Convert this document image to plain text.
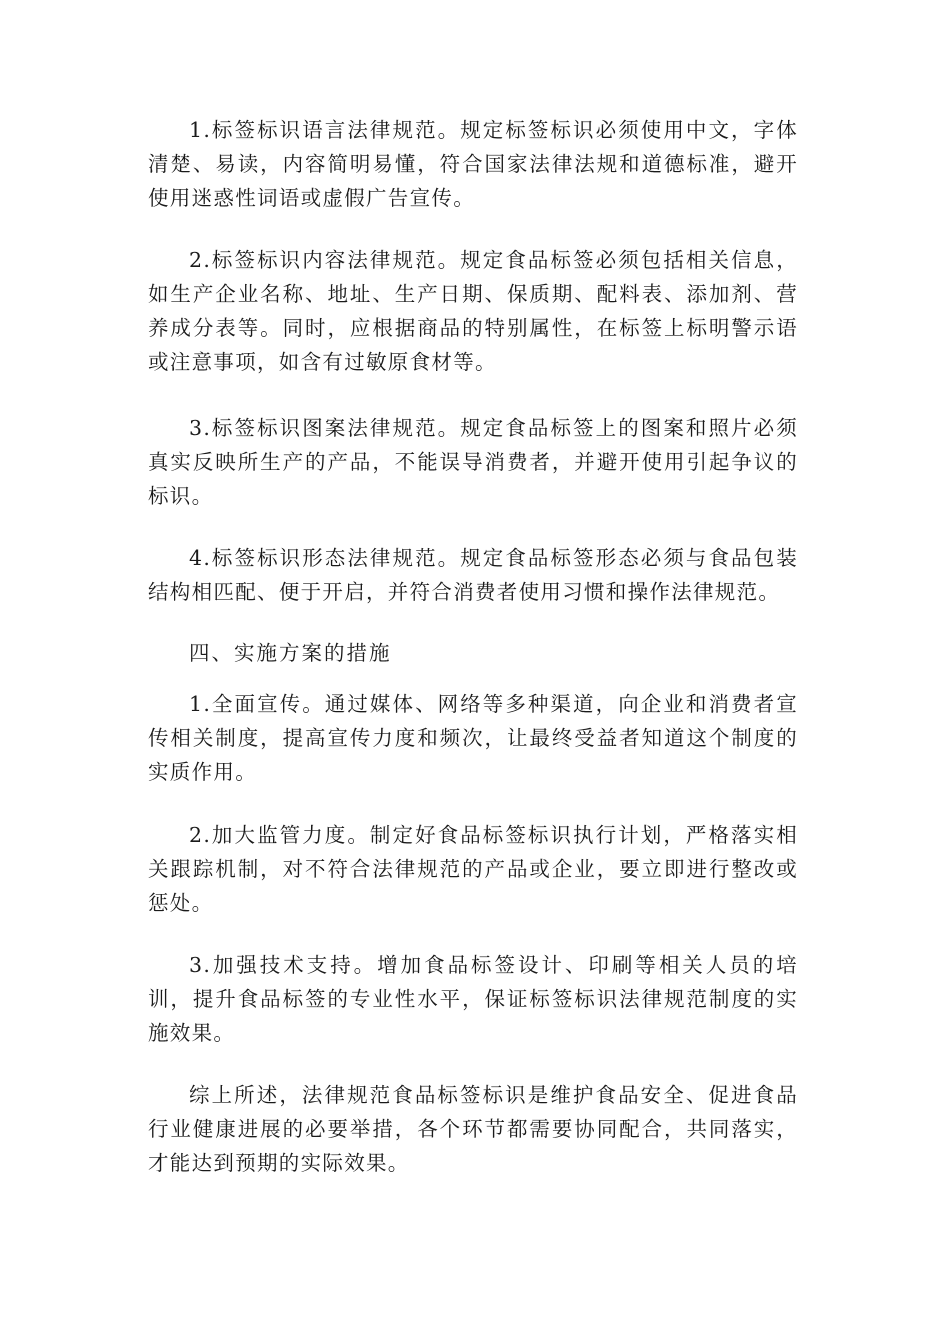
1.标签标识语言法律规范。规定标签标识必须使用中文，字体清楚、易读，内容简明易懂，符合国家法律法规和道德标准，避开使用迷惑性词语或虚假广告宣传。

2.标签标识内容法律规范。规定食品标签必须包括相关信息，如生产企业名称、地址、生产日期、保质期、配料表、添加剂、营养成分表等。同时，应根据商品的特别属性，在标签上标明警示语或注意事项，如含有过敏原食材等。

3.标签标识图案法律规范。规定食品标签上的图案和照片必须真实反映所生产的产品，不能误导消费者，并避开使用引起争议的标识。

4.标签标识形态法律规范。规定食品标签形态必须与食品包装结构相匹配、便于开启，并符合消费者使用习惯和操作法律规范。

四、实施方案的措施

1.全面宣传。通过媒体、网络等多种渠道，向企业和消费者宣传相关制度，提高宣传力度和频次，让最终受益者知道这个制度的实质作用。

2.加大监管力度。制定好食品标签标识执行计划，严格落实相关跟踪机制，对不符合法律规范的产品或企业，要立即进行整改或惩处。

3.加强技术支持。增加食品标签设计、印刷等相关人员的培训，提升食品标签的专业性水平，保证标签标识法律规范制度的实施效果。

综上所述，法律规范食品标签标识是维护食品安全、促进食品行业健康进展的必要举措，各个环节都需要协同配合，共同落实，才能达到预期的实际效果。
